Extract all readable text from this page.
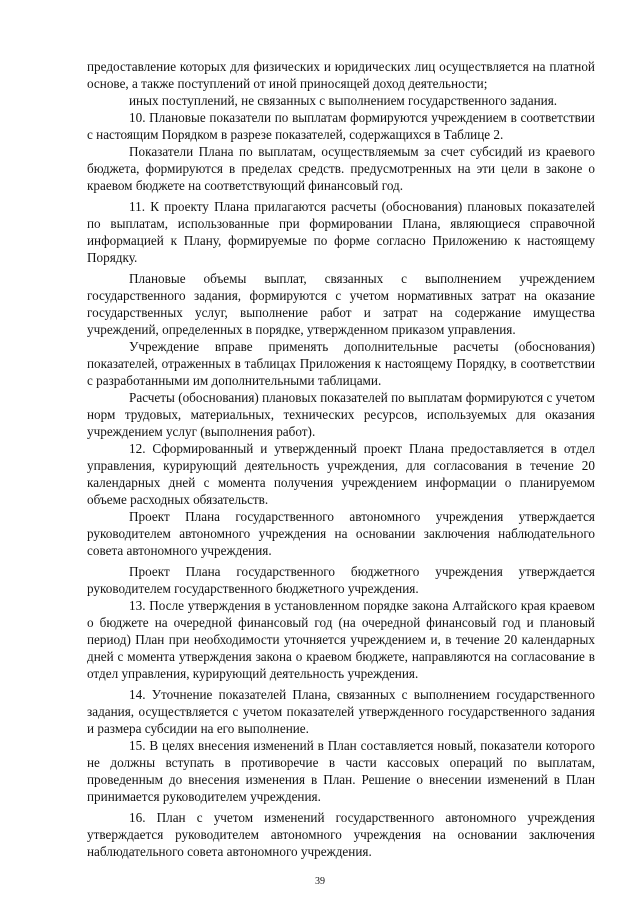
предоставление которых для физических и юридических лиц осуществляется на платной основе, а также поступлений от иной приносящей доход деятельности;

иных поступлений, не связанных с выполнением государственного задания.

10. Плановые показатели по выплатам формируются учреждением в соответствии с настоящим Порядком в разрезе показателей, содержащихся в Таблице 2.

Показатели Плана по выплатам, осуществляемым за счет субсидий из краевого бюджета, формируются в пределах средств. предусмотренных на эти цели в законе о краевом бюджете на соответствующий финансовый год.

11. К проекту Плана прилагаются расчеты (обоснования) плановых показателей по выплатам, использованные при формировании Плана, являющиеся справочной информацией к Плану, формируемые по форме согласно Приложению к настоящему Порядку.

Плановые объемы выплат, связанных с выполнением учреждением государственного задания, формируются с учетом нормативных затрат на оказание государственных услуг, выполнение работ и затрат на содержание имущества учреждений, определенных в порядке, утвержденном приказом управления.

Учреждение вправе применять дополнительные расчеты (обоснования) показателей, отраженных в таблицах Приложения к настоящему Порядку, в соответствии с разработанными им дополнительными таблицами.

Расчеты (обоснования) плановых показателей по выплатам формируются с учетом норм трудовых, материальных, технических ресурсов, используемых для оказания учреждением услуг (выполнения работ).

12. Сформированный и утвержденный проект Плана предоставляется в отдел управления, курирующий деятельность учреждения, для согласования в течение 20 календарных дней с момента получения учреждением информации о планируемом объеме расходных обязательств.

Проект Плана государственного автономного учреждения утверждается руководителем автономного учреждения на основании заключения наблюдательного совета автономного учреждения.

Проект Плана государственного бюджетного учреждения утверждается руководителем государственного бюджетного учреждения.

13. После утверждения в установленном порядке закона Алтайского края краевом о бюджете на очередной финансовый год (на очередной финансовый год и плановый период) План при необходимости уточняется учреждением и, в течение 20 календарных дней с момента утверждения закона о краевом бюджете, направляются на согласование в отдел управления, курирующий деятельность учреждения.

14. Уточнение показателей Плана, связанных с выполнением государственного задания, осуществляется с учетом показателей утвержденного государственного задания и размера субсидии на его выполнение.

15. В целях внесения изменений в План составляется новый, показатели которого не должны вступать в противоречие в части кассовых операций по выплатам, проведенным до внесения изменения в План. Решение о внесении изменений в План принимается руководителем учреждения.

16. План с учетом изменений государственного автономного учреждения утверждается руководителем автономного учреждения на основании заключения наблюдательного совета автономного учреждения.

39
